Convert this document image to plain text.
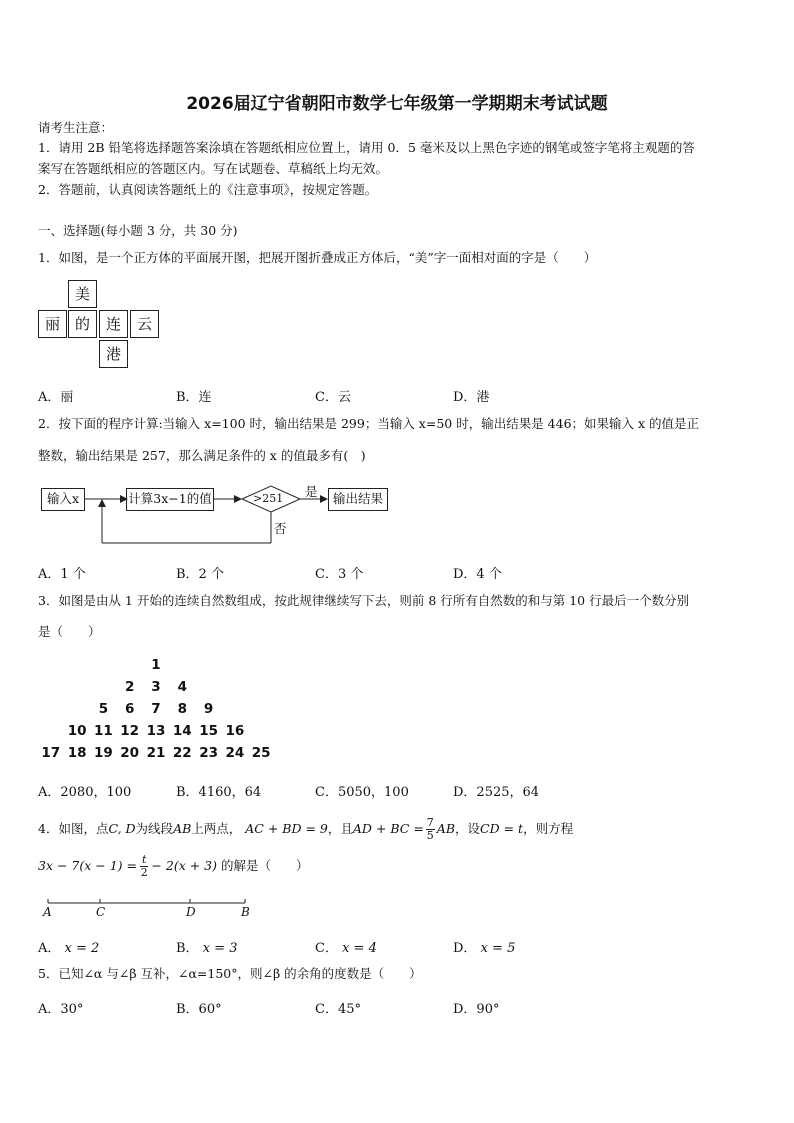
2026届辽宁省朝阳市数学七年级第一学期期末考试试题
请考生注意：
1．请用 2B 铅笔将选择题答案涂填在答题纸相应位置上，请用 0．5 毫米及以上黑色字迹的钢笔或签字笔将主观题的答
案写在答题纸相应的答题区内。写在试题卷、草稿纸上均无效。
2．答题前，认真阅读答题纸上的《注意事项》，按规定答题。
一、选择题(每小题 3 分，共 30 分)
1．如图，是一个正方体的平面展开图，把展开图折叠成正方体后，“美”字一面相对面的字是（　　）
美
丽 的	连	云
港
A．丽	B．连	C．云	D．港
2．按下面的程序计算:当输入 x=100 时，输出结果是 299；当输入 x=50 时，输出结果是 446；如果输入 x 的值是正
整数，输出结果是 257，那么满足条件的 x 的值最多有(　)
输入x	计算3x−1的值	>251 是
否
输出结果
A．1 个	B．2 个	C．3 个	D．4 个
3．如图是由从 1 开始的连续自然数组成，按此规律继续写下去，则前 8 行所有自然数的和与第 10 行最后一个数分别
是（　　）
1
2	3	4
5	6	7	8	9
10 11 12 13 14 15 16
17 18 19 20 21 22 23 24 25
A．2080，100	B．4160，64	C．5050，100	D．2525，64
4．如图，点C, D为线段AB上两点， AC + BD = 9，且AD + BC = $\frac{7}{5}$ AB，设CD = t，则方程
$3x - 7(x - 1) = \frac{t}{2} - 2(x + 3)$ 的解是（　　）
A	C	D	B
A． x = 2	B． x = 3	C． x = 4	D． x = 5
5．已知∠α 与∠β 互补，∠α=150°，则∠β 的余角的度数是（　　）
A．30°	B．60°	C．45°	D．90°
